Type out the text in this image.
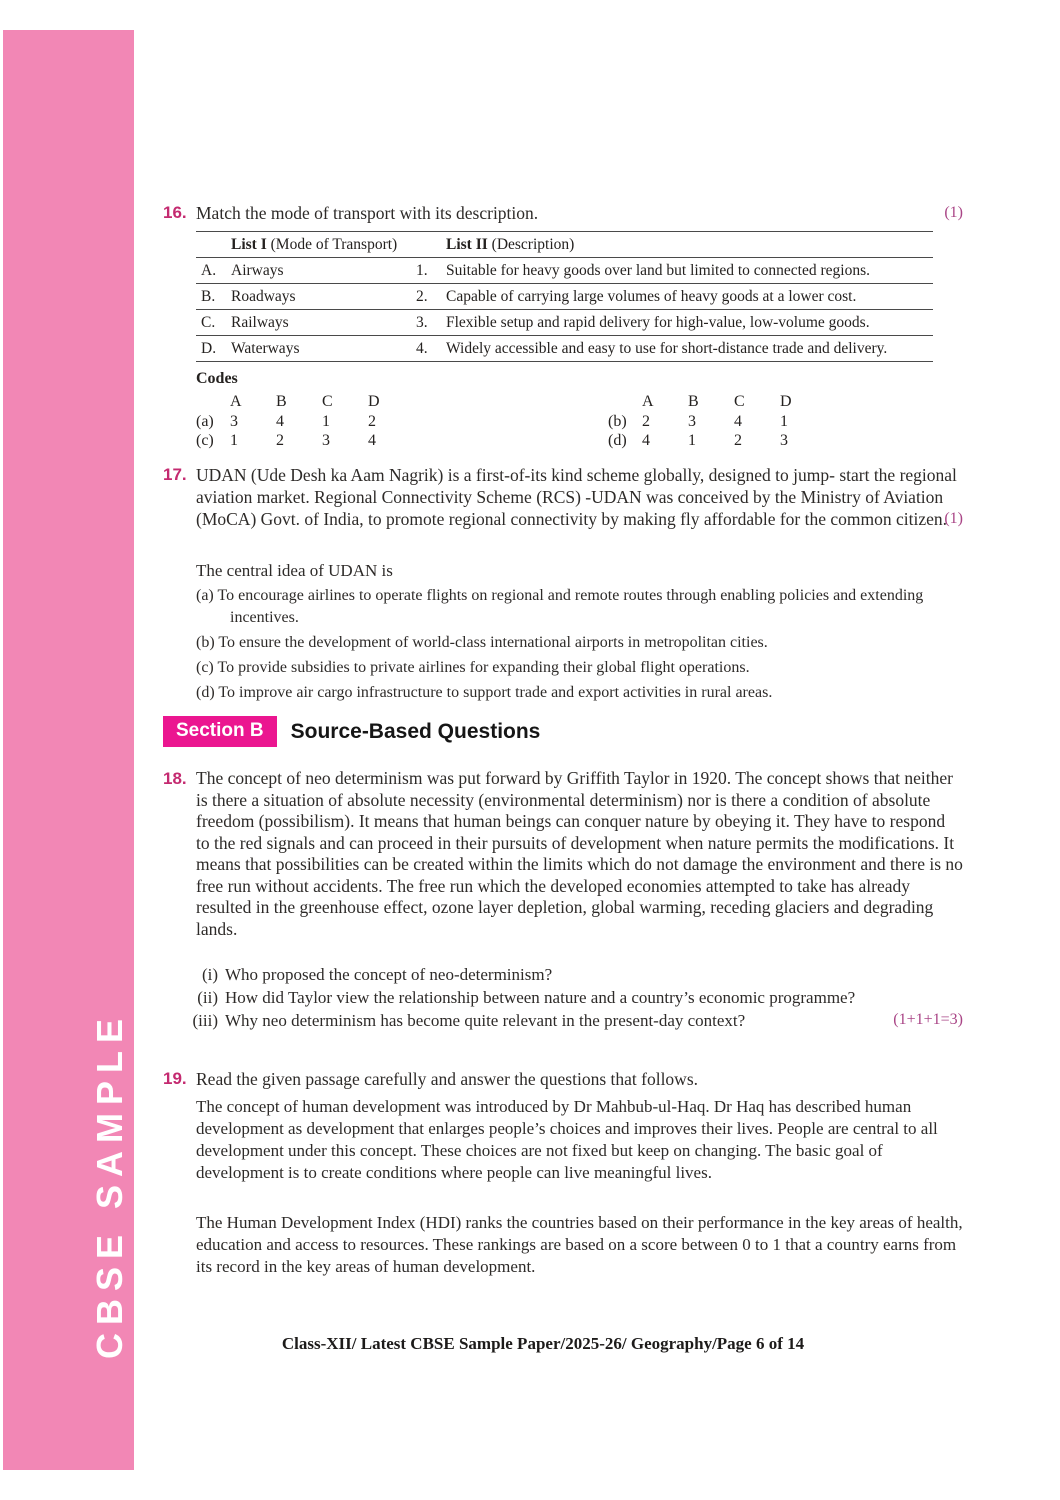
CBSE SAMPLE
16. Match the mode of transport with its description.	(1)
	List I (Mode of Transport)		List II (Description)
A.	Airways	1.	Suitable for heavy goods over land but limited to connected regions.
B.	Roadways	2.	Capable of carrying large volumes of heavy goods at a lower cost.
C.	Railways	3.	Flexible setup and rapid delivery for high-value, low-volume goods.
D.	Waterways	4.	Widely accessible and easy to use for short-distance trade and delivery.
Codes
A B C D
(a) 3 4 1 2
(c) 1 2 3 4
A B C D
(b) 2 3 4 1
(d) 4 1 2 3
17. UDAN (Ude Desh ka Aam Nagrik) is a first-of-its kind scheme globally, designed to jump- start the regional aviation market. Regional Connectivity Scheme (RCS) -UDAN was conceived by the Ministry of Aviation (MoCA) Govt. of India, to promote regional connectivity by making fly affordable for the common citizen.
(1)
The central idea of UDAN is
(a) To encourage airlines to operate flights on regional and remote routes through enabling policies and extending incentives.
(b) To ensure the development of world-class international airports in metropolitan cities.
(c) To provide subsidies to private airlines for expanding their global flight operations.
(d) To improve air cargo infrastructure to support trade and export activities in rural areas.
Section B	Source-Based Questions
18. The concept of neo determinism was put forward by Griffith Taylor in 1920. The concept shows that neither is there a situation of absolute necessity (environmental determinism) nor is there a condition of absolute freedom (possibilism). It means that human beings can conquer nature by obeying it. They have to respond to the red signals and can proceed in their pursuits of development when nature permits the modifications. It means that possibilities can be created within the limits which do not damage the environment and there is no free run without accidents. The free run which the developed economies attempted to take has already resulted in the greenhouse effect, ozone layer depletion, global warming, receding glaciers and degrading lands.
(i) Who proposed the concept of neo-determinism?
(ii) How did Taylor view the relationship between nature and a country’s economic programme?
(iii) Why neo determinism has become quite relevant in the present-day context?	(1+1+1=3)
19. Read the given passage carefully and answer the questions that follows.
The concept of human development was introduced by Dr Mahbub-ul-Haq. Dr Haq has described human development as development that enlarges people’s choices and improves their lives. People are central to all development under this concept. These choices are not fixed but keep on changing. The basic goal of development is to create conditions where people can live meaningful lives.
The Human Development Index (HDI) ranks the countries based on their performance in the key areas of health, education and access to resources. These rankings are based on a score between 0 to 1 that a country earns from its record in the key areas of human development.
Class-XII/ Latest CBSE Sample Paper/2025-26/ Geography/Page 6 of 14
